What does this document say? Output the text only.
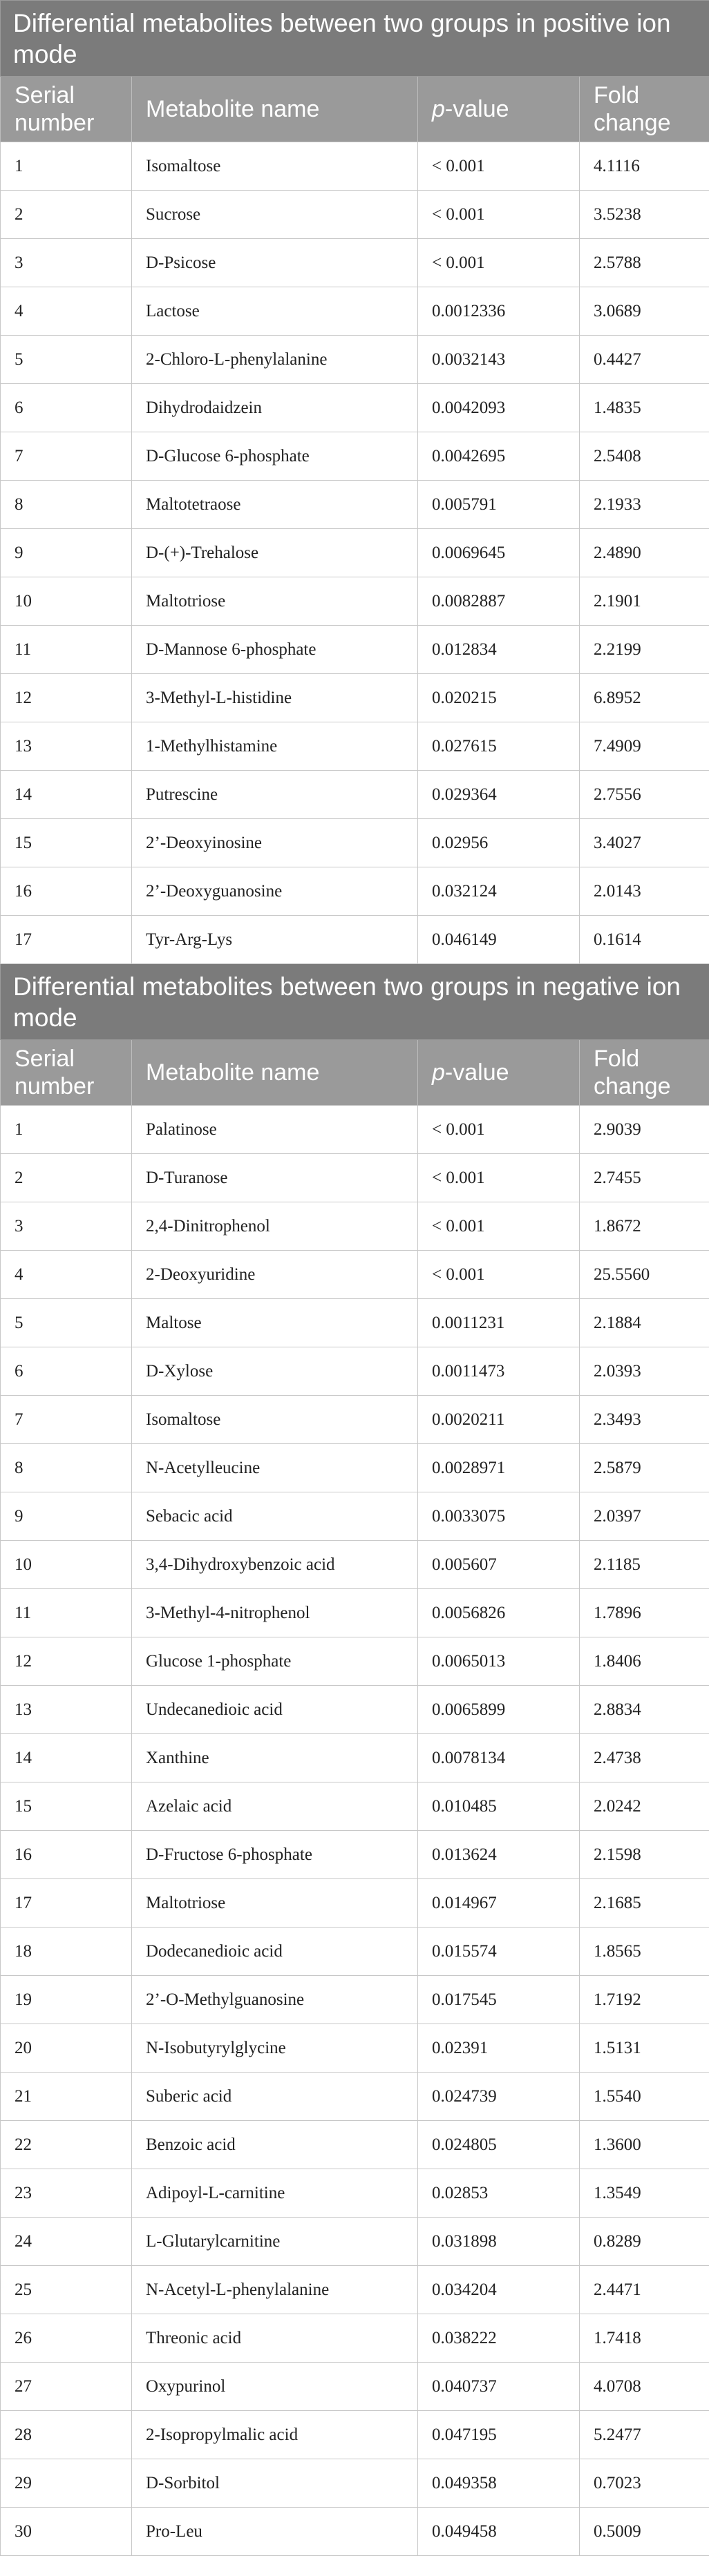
Differential metabolites between two groups in positive ion mode			
Serial number	Metabolite name	p-value	Fold change
1	Isomaltose	< 0.001	4.1116
2	Sucrose	< 0.001	3.5238
3	D-Psicose	< 0.001	2.5788
4	Lactose	0.0012336	3.0689
5	2-Chloro-L-phenylalanine	0.0032143	0.4427
6	Dihydrodaidzein	0.0042093	1.4835
7	D-Glucose 6-phosphate	0.0042695	2.5408
8	Maltotetraose	0.005791	2.1933
9	D-(+)-Trehalose	0.0069645	2.4890
10	Maltotriose	0.0082887	2.1901
11	D-Mannose 6-phosphate	0.012834	2.2199
12	3-Methyl-L-histidine	0.020215	6.8952
13	1-Methylhistamine	0.027615	7.4909
14	Putrescine	0.029364	2.7556
15	2’-Deoxyinosine	0.02956	3.4027
16	2’-Deoxyguanosine	0.032124	2.0143
17	Tyr-Arg-Lys	0.046149	0.1614
Differential metabolites between two groups in negative ion mode			
Serial number	Metabolite name	p-value	Fold change
1	Palatinose	< 0.001	2.9039
2	D-Turanose	< 0.001	2.7455
3	2,4-Dinitrophenol	< 0.001	1.8672
4	2-Deoxyuridine	< 0.001	25.5560
5	Maltose	0.0011231	2.1884
6	D-Xylose	0.0011473	2.0393
7	Isomaltose	0.0020211	2.3493
8	N-Acetylleucine	0.0028971	2.5879
9	Sebacic acid	0.0033075	2.0397
10	3,4-Dihydroxybenzoic acid	0.005607	2.1185
11	3-Methyl-4-nitrophenol	0.0056826	1.7896
12	Glucose 1-phosphate	0.0065013	1.8406
13	Undecanedioic acid	0.0065899	2.8834
14	Xanthine	0.0078134	2.4738
15	Azelaic acid	0.010485	2.0242
16	D-Fructose 6-phosphate	0.013624	2.1598
17	Maltotriose	0.014967	2.1685
18	Dodecanedioic acid	0.015574	1.8565
19	2’-O-Methylguanosine	0.017545	1.7192
20	N-Isobutyrylglycine	0.02391	1.5131
21	Suberic acid	0.024739	1.5540
22	Benzoic acid	0.024805	1.3600
23	Adipoyl-L-carnitine	0.02853	1.3549
24	L-Glutarylcarnitine	0.031898	0.8289
25	N-Acetyl-L-phenylalanine	0.034204	2.4471
26	Threonic acid	0.038222	1.7418
27	Oxypurinol	0.040737	4.0708
28	2-Isopropylmalic acid	0.047195	5.2477
29	D-Sorbitol	0.049358	0.7023
30	Pro-Leu	0.049458	0.5009
